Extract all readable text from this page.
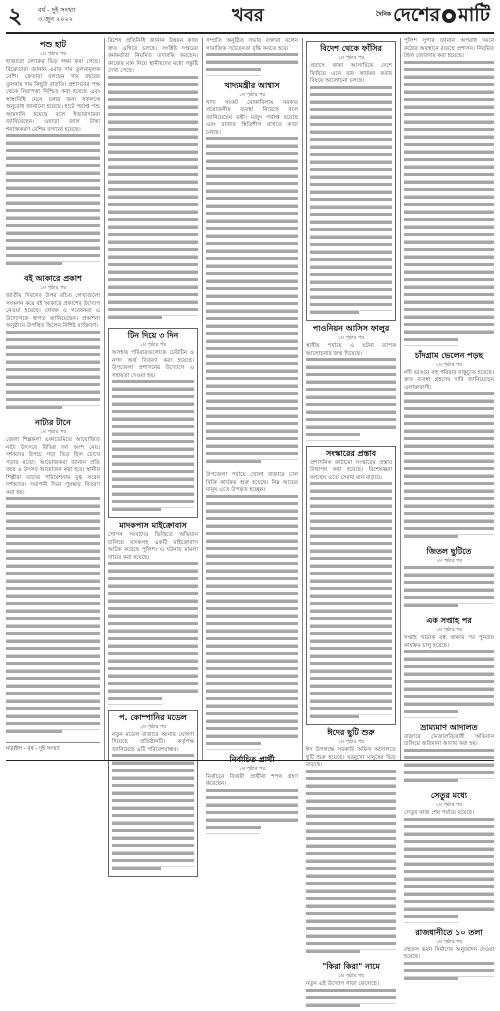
২ বর্ষ - দুই সংখ্যা
৩ জুন ২০২২	খবর	$^{দৈনিক}$ দেশের মাটি
পশু হাট
১ম পৃষ্ঠার পর
হাজারো লোকের ভিড় লক্ষ্য করা গেছে। বিক্রেতারা জানান এবার দাম তুলনামূলক বেশি। ক্রেতারা বলছেন গত বছরের তুলনায় দাম কিছুটা বাড়তি। প্রশাসনের পক্ষ থেকে নিরাপত্তা নিশ্চিত করা হয়েছে এবং স্বাস্থ্যবিধি মেনে চলার জন্য সকলকে অনুরোধ জানানো হয়েছে। হাটে পর্যাপ্ত পশু আমদানি হয়েছে বলে ইজারাদাররা জানিয়েছেন। এছাড়া জাল টাকা শনাক্তকরণ মেশিন বসানো হয়েছে।
বই আকারে প্রকাশ
১ম পৃষ্ঠার পর
জাতীয় দিবসের উপর রচিত লেখাগুলো সংকলন করে বই আকারে প্রকাশের উদ্যোগ নেওয়া হয়েছে। লেখক ও গবেষকরা এ উদ্যোগকে স্বাগত জানিয়েছেন। প্রকাশনা অনুষ্ঠানে উপস্থিত ছিলেন বিশিষ্ট ব্যক্তিবর্গ।
নাট্যর টানে
১ম পৃষ্ঠার পর
জেলা শিল্পকলা একাডেমিতে আয়োজিত নাট্য উৎসবে বিভিন্ন দল অংশ নেয়। দর্শকদের উপচে পড়া ভিড় ছিল চোখে পড়ার মতো। আয়োজকরা জানান প্রতি বছর এ উৎসব আয়োজন করা হবে। স্থানীয় শিল্পীরা তাদের পরিবেশনায় মুগ্ধ করেন দর্শকদের। সমাপনী দিনে পুরস্কার বিতরণ করা হয়।
নড়াইল - বর্ষ - দুই সংখ্যা
বিশেষ প্রতিনিধি জানান উন্নয়ন কাজ দ্রুত এগিয়ে চলছে। সংশ্লিষ্ট দপ্তরের কর্মকর্তারা নিয়মিত তদারকি করছেন। কাজের মান নিয়ে স্থানীয়দের মধ্যে সন্তুষ্টি দেখা গেছে।
টিন দিয়ে ৩ দিন
১ম পৃষ্ঠার পর
অসহায় পরিবারগুলোকে ঢেউটিন ও নগদ অর্থ বিতরণ করা হয়েছে। উপজেলা প্রশাসনের উদ্যোগে এ সহায়তা দেওয়া হয়।
মাদকপাস মাইক্রোবাস
গোপন সংবাদের ভিত্তিতে অভিযান চালিয়ে মাদকসহ একটি মাইক্রোবাস আটক করেছে পুলিশ। এ ঘটনায় মামলা দায়ের করা হয়েছে।
প. কোম্পানির মডেল
১ম পৃষ্ঠার পর
নতুন মডেল বাজারে আনার ঘোষণা দিয়েছে প্রতিষ্ঠানটি। কর্তৃপক্ষ জানিয়েছে এটি পরিবেশবান্ধব।
সম্প্রতি অনুষ্ঠিত সভায় বক্তারা বলেন সামাজিক সচেতনতা বৃদ্ধি করতে হবে।
খাদ্যমন্ত্রীর আশ্বাস
১ম পৃষ্ঠার পর
খাদ্য সংকট মোকাবিলায় সরকার প্রয়োজনীয় ব্যবস্থা নিয়েছে বলে জানিয়েছেন মন্ত্রী। মজুদ পর্যাপ্ত রয়েছে এবং বাজার স্থিতিশীল রাখতে কাজ চলছে।
উপজেলা পর্যায়ে খোলা বাজারে চাল বিক্রি কার্যক্রম শুরু হয়েছে। নিম্ন আয়ের মানুষ এতে উপকৃত হচ্ছেন।
নির্বাচিত প্রার্থী
১ম পৃষ্ঠার পর
নির্বাচনে বিজয়ী প্রার্থীরা শপথ গ্রহণ করেছেন।
বিদেশ থেকে ফাঁসির
১ম পৃষ্ঠার পর
প্রবাসে থাকা আসামিকে দেশে ফিরিয়ে এনে রায় কার্যকর করার বিষয়ে আলোচনা চলছে।
পাওনিয়ন আসিস ফালুর
১ম পৃষ্ঠার পর
স্থানীয় পর্যায়ে এ ঘটনা ব্যাপক আলোচনার জন্ম দিয়েছে।
সংস্কারের প্রস্তাব
প্রশাসনিক কাঠামো সংস্কারের প্রস্তাব উত্থাপন করা হয়েছে। বিশেষজ্ঞরা বলছেন এতে সেবার মান বাড়বে।
ঈদের ছুটি শুরু
১ম পৃষ্ঠার পর
ঈদ উপলক্ষে সরকারি অফিস আদালতে ছুটি শুরু হয়েছে। ঘরমুখো মানুষের ভিড় বাড়ছে।
"কিরা কিরা" নামে
১ম পৃষ্ঠার পর
নতুন এই উদ্যোগ সাড়া ফেলেছে।
পুলিশ সুপার জানান অপরাধ দমনে কঠোর অবস্থানে রয়েছে প্রশাসন। নিয়মিত টহল জোরদার করা হয়েছে।
চাঁদগ্রাম ভেলেন পড়ছ
১ম পৃষ্ঠার পর
নদী ভাঙনে বহু পরিবার বাস্তুচ্যুত হয়েছে। দ্রুত ব্যবস্থা গ্রহণের দাবি জানিয়েছেন এলাকাবাসী।
জিতল ছুটিতে
১ম পৃষ্ঠার পর
এক সপ্তাহ পর
১ম পৃষ্ঠার পর
সপ্তাহ খানেক বন্ধ থাকার পর পুনরায় কার্যক্রম চালু হয়েছে।
ভ্রাম্যমাণ আদালত
বাজারে ভেজালবিরোধী অভিযান চালিয়ে জরিমানা আদায় করা হয়।
সেতুর মধ্যে
১ম পৃষ্ঠার পর
সেতুর কাজ শেষ পর্যায়ে রয়েছে।
রাজধানীতে ১০ তলা
১ম পৃষ্ঠার পর
বহুতল ভবন নির্মাণের অনুমোদন দেওয়া হয়েছে।
